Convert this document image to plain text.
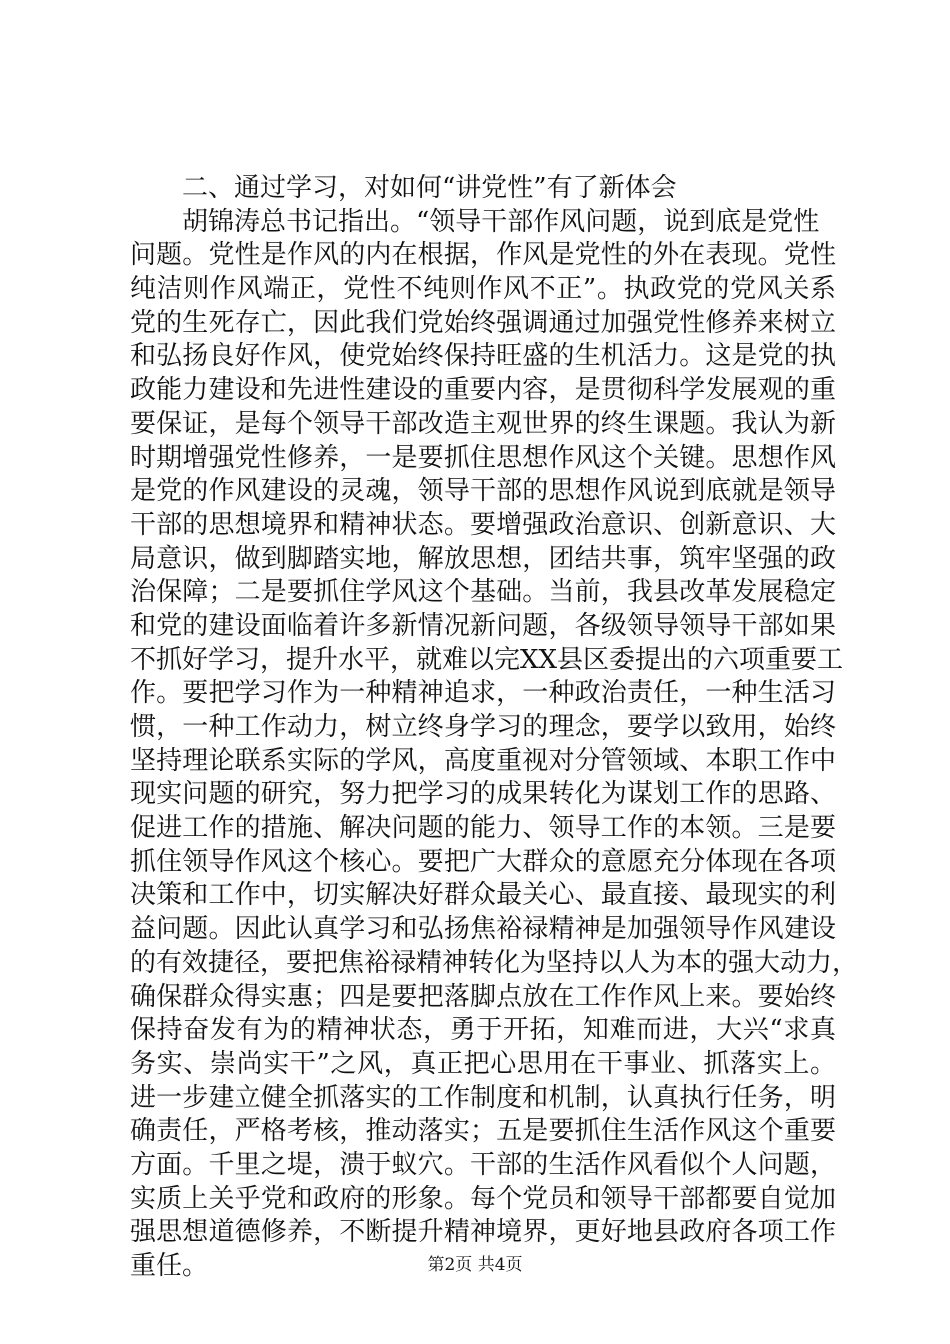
二、通过学习，对如何“讲党性”有了新体会
胡锦涛总书记指出。“领导干部作风问题，说到底是党性
问题。党性是作风的内在根据，作风是党性的外在表现。党性
纯洁则作风端正，党性不纯则作风不正”。执政党的党风关系
党的生死存亡，因此我们党始终强调通过加强党性修养来树立
和弘扬良好作风，使党始终保持旺盛的生机活力。这是党的执
政能力建设和先进性建设的重要内容，是贯彻科学发展观的重
要保证，是每个领导干部改造主观世界的终生课题。我认为新
时期增强党性修养，一是要抓住思想作风这个关键。思想作风
是党的作风建设的灵魂，领导干部的思想作风说到底就是领导
干部的思想境界和精神状态。要增强政治意识、创新意识、大
局意识，做到脚踏实地，解放思想，团结共事，筑牢坚强的政
治保障；二是要抓住学风这个基础。当前，我县改革发展稳定
和党的建设面临着许多新情况新问题，各级领导领导干部如果
不抓好学习，提升水平，就难以完XX县区委提出的六项重要工
作。要把学习作为一种精神追求，一种政治责任，一种生活习
惯，一种工作动力，树立终身学习的理念，要学以致用，始终
坚持理论联系实际的学风，高度重视对分管领域、本职工作中
现实问题的研究，努力把学习的成果转化为谋划工作的思路、
促进工作的措施、解决问题的能力、领导工作的本领。三是要
抓住领导作风这个核心。要把广大群众的意愿充分体现在各项
决策和工作中，切实解决好群众最关心、最直接、最现实的利
益问题。因此认真学习和弘扬焦裕禄精神是加强领导作风建设
的有效捷径，要把焦裕禄精神转化为坚持以人为本的强大动力，
确保群众得实惠；四是要把落脚点放在工作作风上来。要始终
保持奋发有为的精神状态，勇于开拓，知难而进，大兴“求真
务实、崇尚实干”之风，真正把心思用在干事业、抓落实上。
进一步建立健全抓落实的工作制度和机制，认真执行任务，明
确责任，严格考核，推动落实；五是要抓住生活作风这个重要
方面。千里之堤，溃于蚁穴。干部的生活作风看似个人问题，
实质上关乎党和政府的形象。每个党员和领导干部都要自觉加
强思想道德修养，不断提升精神境界，更好地县政府各项工作
重任。	第2页 共4页
